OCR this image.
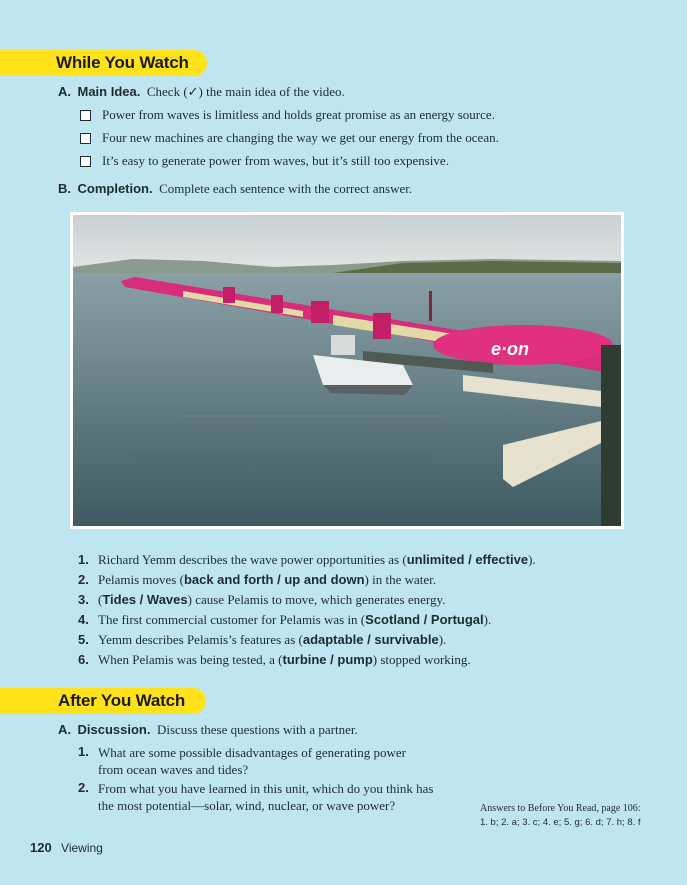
While You Watch
A. Main Idea. Check (✓) the main idea of the video.
Power from waves is limitless and holds great promise as an energy source.
Four new machines are changing the way we get our energy from the ocean.
It’s easy to generate power from waves, but it’s still too expensive.
B. Completion. Complete each sentence with the correct answer.
e·on
1. Richard Yemm describes the wave power opportunities as (unlimited / effective).
2. Pelamis moves (back and forth / up and down) in the water.
3. (Tides / Waves) cause Pelamis to move, which generates energy.
4. The first commercial customer for Pelamis was in (Scotland / Portugal).
5. Yemm describes Pelamis’s features as (adaptable / survivable).
6. When Pelamis was being tested, a (turbine / pump) stopped working.
After You Watch
A. Discussion. Discuss these questions with a partner.
1. What are some possible disadvantages of generating power
from ocean waves and tides?
2. From what you have learned in this unit, which do you think has
the most potential—solar, wind, nuclear, or wave power?	Answers to Before You Read, page 106:
1. b; 2. a; 3. c; 4. e; 5. g; 6. d; 7. h; 8. f
120 Viewing
